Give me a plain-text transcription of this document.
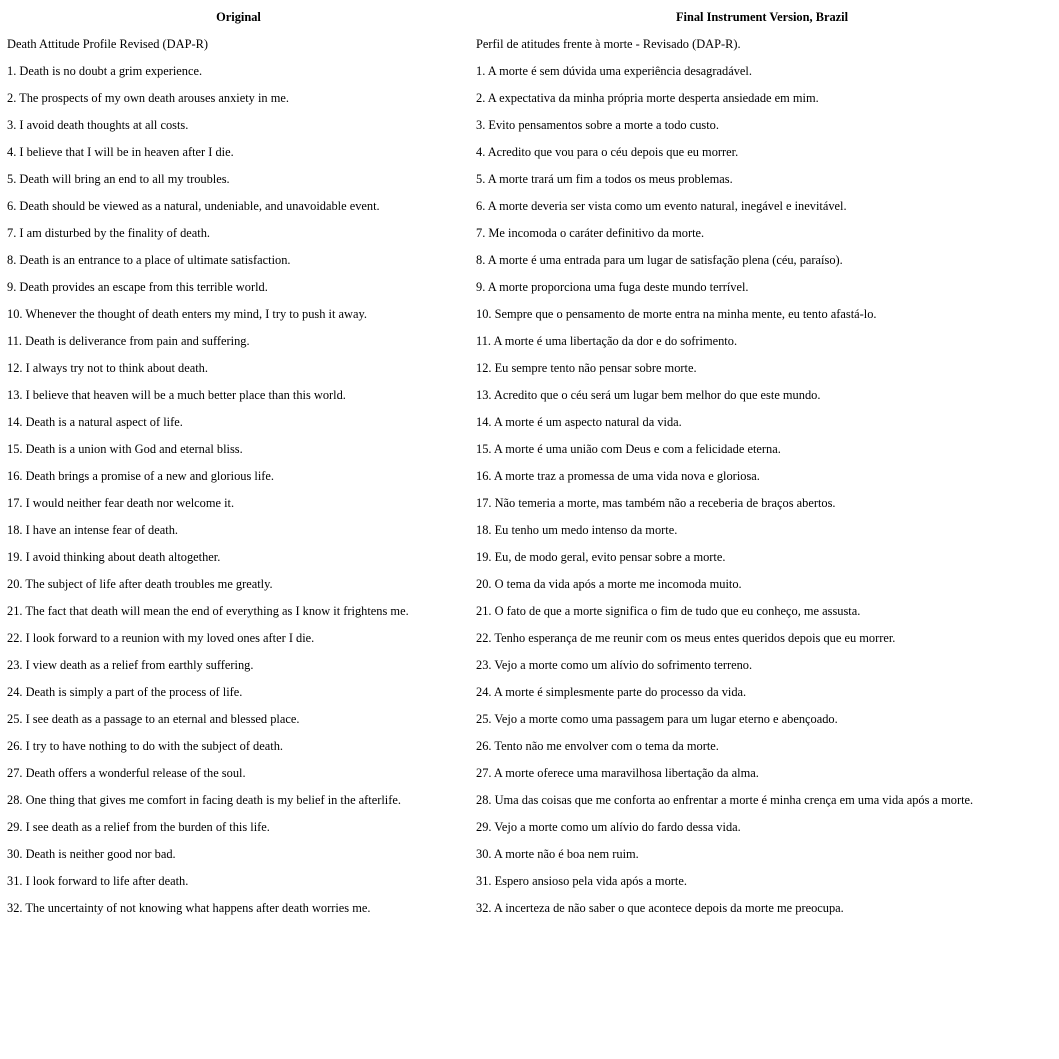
Original	Final Instrument Version, Brazil
Death Attitude Profile Revised (DAP-R)	Perfil de atitudes frente à morte - Revisado (DAP-R).
1. Death is no doubt a grim experience.	1. A morte é sem dúvida uma experiência desagradável.
2. The prospects of my own death arouses anxiety in me.	2. A expectativa da minha própria morte desperta ansiedade em mim.
3. I avoid death thoughts at all costs.	3. Evito pensamentos sobre a morte a todo custo.
4. I believe that I will be in heaven after I die.	4. Acredito que vou para o céu depois que eu morrer.
5. Death will bring an end to all my troubles.	5. A morte trará um fim a todos os meus problemas.
6. Death should be viewed as a natural, undeniable, and unavoidable event.	6. A morte deveria ser vista como um evento natural, inegável e inevitável.
7. I am disturbed by the finality of death.	7. Me incomoda o caráter definitivo da morte.
8. Death is an entrance to a place of ultimate satisfaction.	8. A morte é uma entrada para um lugar de satisfação plena (céu, paraíso).
9. Death provides an escape from this terrible world.	9. A morte proporciona uma fuga deste mundo terrível.
10. Whenever the thought of death enters my mind, I try to push it away.	10. Sempre que o pensamento de morte entra na minha mente, eu tento afastá-lo.
11. Death is deliverance from pain and suffering.	11. A morte é uma libertação da dor e do sofrimento.
12. I always try not to think about death.	12. Eu sempre tento não pensar sobre morte.
13. I believe that heaven will be a much better place than this world.	13. Acredito que o céu será um lugar bem melhor do que este mundo.
14. Death is a natural aspect of life.	14. A morte é um aspecto natural da vida.
15. Death is a union with God and eternal bliss.	15. A morte é uma união com Deus e com a felicidade eterna.
16. Death brings a promise of a new and glorious life.	16. A morte traz a promessa de uma vida nova e gloriosa.
17. I would neither fear death nor welcome it.	17. Não temeria a morte, mas também não a receberia de braços abertos.
18. I have an intense fear of death.	18. Eu tenho um medo intenso da morte.
19. I avoid thinking about death altogether.	19. Eu, de modo geral, evito pensar sobre a morte.
20. The subject of life after death troubles me greatly.	20. O tema da vida após a morte me incomoda muito.
21. The fact that death will mean the end of everything as I know it frightens me.	21. O fato de que a morte significa o fim de tudo que eu conheço, me assusta.
22. I look forward to a reunion with my loved ones after I die.	22. Tenho esperança de me reunir com os meus entes queridos depois que eu morrer.
23. I view death as a relief from earthly suffering.	23. Vejo a morte como um alívio do sofrimento terreno.
24. Death is simply a part of the process of life.	24. A morte é simplesmente parte do processo da vida.
25. I see death as a passage to an eternal and blessed place.	25. Vejo a morte como uma passagem para um lugar eterno e abençoado.
26. I try to have nothing to do with the subject of death.	26. Tento não me envolver com o tema da morte.
27. Death offers a wonderful release of the soul.	27. A morte oferece uma maravilhosa libertação da alma.
28. One thing that gives me comfort in facing death is my belief in the afterlife.	28. Uma das coisas que me conforta ao enfrentar a morte é minha crença em uma vida após a morte.
29. I see death as a relief from the burden of this life.	29. Vejo a morte como um alívio do fardo dessa vida.
30. Death is neither good nor bad.	30. A morte não é boa nem ruim.
31. I look forward to life after death.	31. Espero ansioso pela vida após a morte.
32. The uncertainty of not knowing what happens after death worries me.	32. A incerteza de não saber o que acontece depois da morte me preocupa.
